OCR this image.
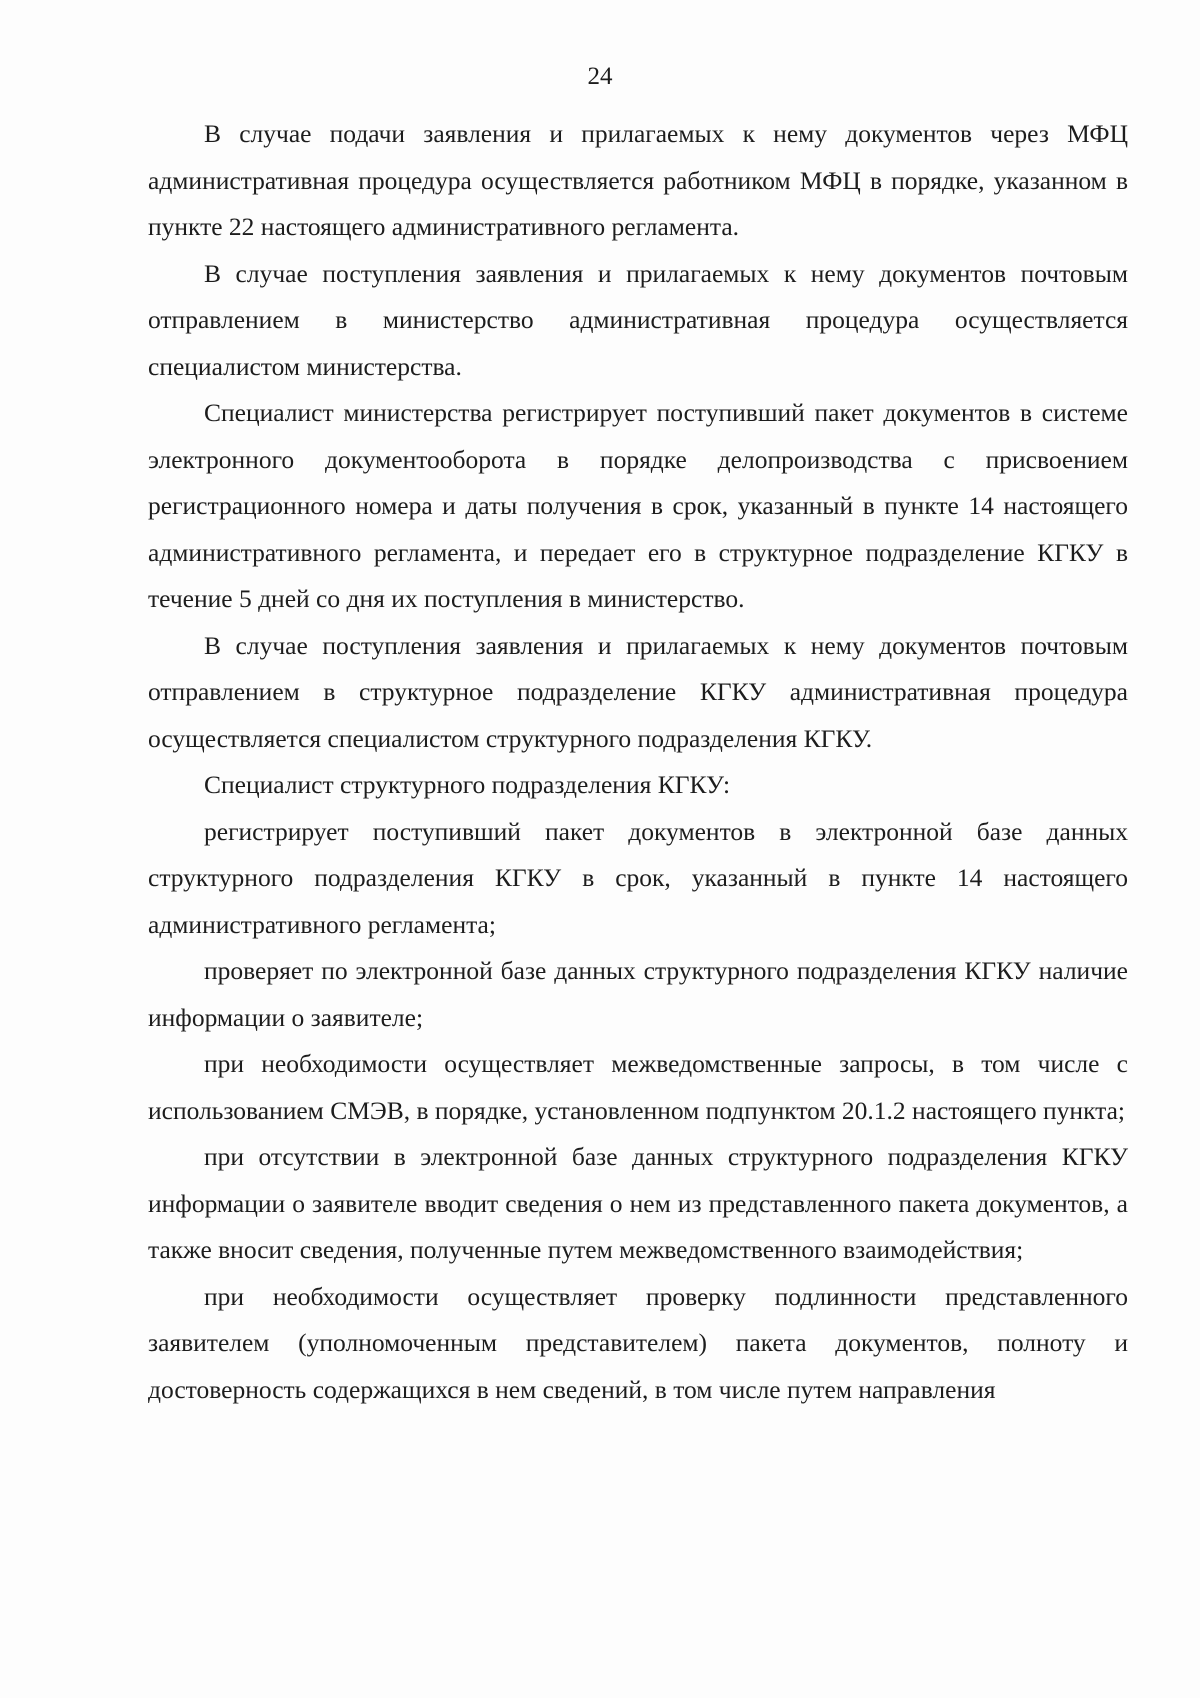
24

В случае подачи заявления и прилагаемых к нему документов через МФЦ административная процедура осуществляется работником МФЦ в порядке, указанном в пункте 22 настоящего административного регламента.

В случае поступления заявления и прилагаемых к нему документов почтовым отправлением в министерство административная процедура осуществляется специалистом министерства.

Специалист министерства регистрирует поступивший пакет документов в системе электронного документооборота в порядке делопроизводства с присвоением регистрационного номера и даты получения в срок, указанный в пункте 14 настоящего административного регламента, и передает его в структурное подразделение КГКУ в течение 5 дней со дня их поступления в министерство.

В случае поступления заявления и прилагаемых к нему документов почтовым отправлением в структурное подразделение КГКУ административная процедура осуществляется специалистом структурного подразделения КГКУ.

Специалист структурного подразделения КГКУ:

регистрирует поступивший пакет документов в электронной базе данных структурного подразделения КГКУ в срок, указанный в пункте 14 настоящего административного регламента;

проверяет по электронной базе данных структурного подразделения КГКУ наличие информации о заявителе;

при необходимости осуществляет межведомственные запросы, в том числе с использованием СМЭВ, в порядке, установленном подпунктом 20.1.2 настоящего пункта;

при отсутствии в электронной базе данных структурного подразделения КГКУ информации о заявителе вводит сведения о нем из представленного пакета документов, а также вносит сведения, полученные путем межведомственного взаимодействия;

при необходимости осуществляет проверку подлинности представленного заявителем (уполномоченным представителем) пакета документов, полноту и достоверность содержащихся в нем сведений, в том числе путем направления
